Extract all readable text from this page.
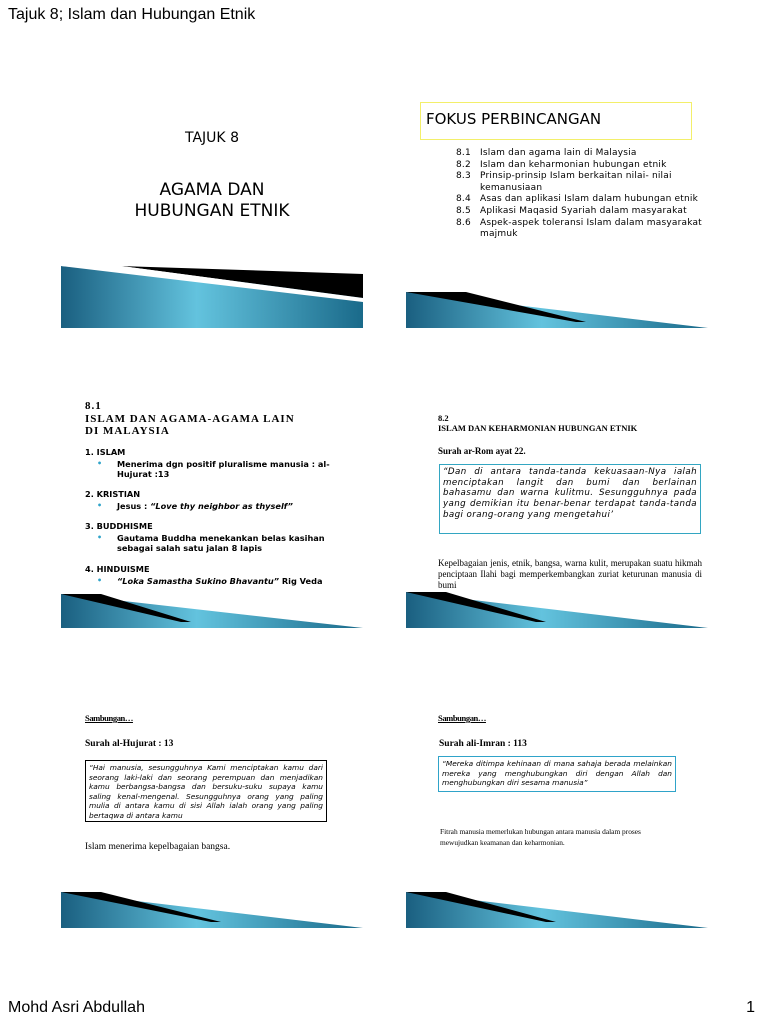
Tajuk 8; Islam dan Hubungan Etnik
TAJUK 8
AGAMA DAN
HUBUNGAN ETNIK
FOKUS PERBINCANGAN
8.1	Islam dan agama lain di Malaysia
8.2	Islam dan keharmonian hubungan etnik
8.3	Prinsip-prinsip Islam berkaitan nilai- nilai kemanusiaan
8.4	Asas dan aplikasi Islam dalam hubungan etnik
8.5	Aplikasi Maqasid Syariah dalam masyarakat
8.6	Aspek-aspek toleransi Islam dalam masyarakat majmuk
8.1
ISLAM DAN AGAMA-AGAMA LAIN
DI MALAYSIA
1. ISLAM
•	Menerima dgn positif pluralisme manusia : al-Hujurat :13
2. KRISTIAN
•	Jesus : “Love thy neighbor as thyself”
3. BUDDHISME
•	Gautama Buddha menekankan belas kasihan sebagai salah satu jalan 8 lapis
4. HINDUISME
•	“Loka Samastha Sukino Bhavantu” Rig Veda
8.2
ISLAM DAN KEHARMONIAN HUBUNGAN ETNIK
Surah ar-Rom ayat 22.
“Dan di antara tanda-tanda kekuasaan-Nya ialah menciptakan langit dan bumi dan berlainan bahasamu dan warna kulitmu. Sesungguhnya pada yang demikian itu benar-benar terdapat tanda-tanda bagi orang-orang yang mengetahui’
Kepelbagaian jenis, etnik, bangsa, warna kulit, merupakan suatu hikmah penciptaan Ilahi bagi memperkembangkan zuriat keturunan manusia di bumi
Sambungan…
Surah al-Hujurat : 13
“Hai manusia, sesungguhnya Kami menciptakan kamu dari seorang laki-laki dan seorang perempuan dan menjadikan kamu berbangsa-bangsa dan bersuku-suku supaya kamu saling kenal-mengenal. Sesungguhnya orang yang paling mulia di antara kamu di sisi Allah ialah orang yang paling bertaqwa di antara kamu
Islam menerima kepelbagaian bangsa.
Sambungan…
Surah ali-Imran : 113
“Mereka ditimpa kehinaan di mana sahaja berada melainkan mereka yang menghubungkan diri dengan Allah dan menghubungkan diri sesama manusia”
Fitrah manusia memerlukan hubungan antara manusia dalam proses mewujudkan keamanan dan keharmonian.
Mohd Asri Abdullah	1
